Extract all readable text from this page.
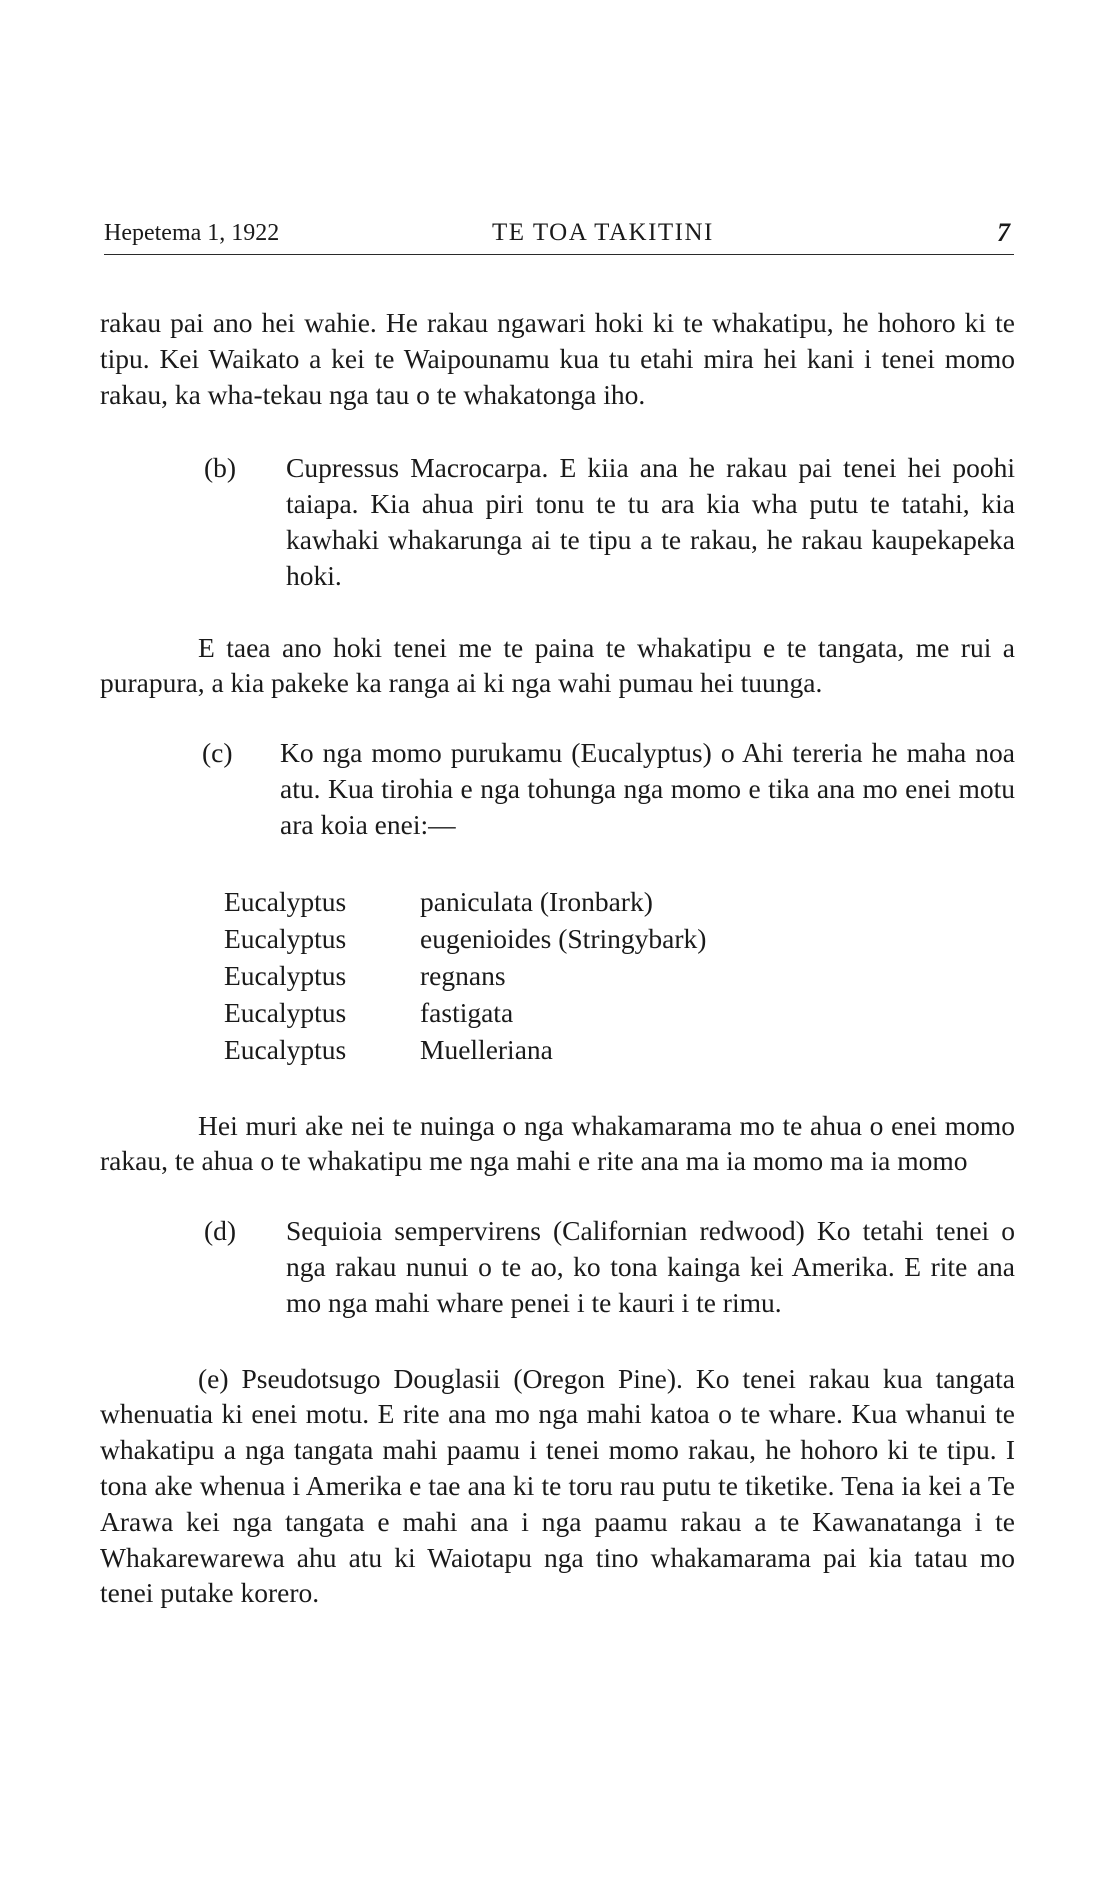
Hepetema 1, 1922	TE TOA TAKITINI	7

rakau pai ano hei wahie. He rakau ngawari hoki ki te whakatipu, he hohoro ki te tipu. Kei Waikato a kei te Waipounamu kua tu etahi mira hei kani i tenei momo rakau, ka wha-tekau nga tau o te whakatonga iho.

(b) Cupressus Macrocarpa. E kiia ana he rakau pai tenei hei poohi taiapa. Kia ahua piri tonu te tu ara kia wha putu te tatahi, kia kawhaki whakarunga ai te tipu a te rakau, he rakau kaupekapeka hoki.

E taea ano hoki tenei me te paina te whakatipu e te tangata, me rui a purapura, a kia pakeke ka ranga ai ki nga wahi pumau hei tuunga.

(c) Ko nga momo purukamu (Eucalyptus) o Ahi tereria he maha noa atu. Kua tirohia e nga tohunga nga momo e tika ana mo enei motu ara koia enei:—

Eucalyptus	paniculata (Ironbark)
Eucalyptus	eugenioides (Stringybark)
Eucalyptus	regnans
Eucalyptus	fastigata
Eucalyptus	Muelleriana

Hei muri ake nei te nuinga o nga whakamarama mo te ahua o enei momo rakau, te ahua o te whakatipu me nga mahi e rite ana ma ia momo ma ia momo

(d) Sequioia sempervirens (Californian redwood) Ko tetahi tenei o nga rakau nunui o te ao, ko tona kainga kei Amerika. E rite ana mo nga mahi whare penei i te kauri i te rimu.

(e) Pseudotsugo Douglasii (Oregon Pine). Ko tenei rakau kua tangata whenuatia ki enei motu. E rite ana mo nga mahi katoa o te whare. Kua whanui te whakatipu a nga tangata mahi paamu i tenei momo rakau, he hohoro ki te tipu. I tona ake whenua i Amerika e tae ana ki te toru rau putu te tiketike. Tena ia kei a Te Arawa kei nga tangata e mahi ana i nga paamu rakau a te Kawanatanga i te Whakarewarewa ahu atu ki Waiotapu nga tino whakamarama pai kia tatau mo tenei putake korero.
